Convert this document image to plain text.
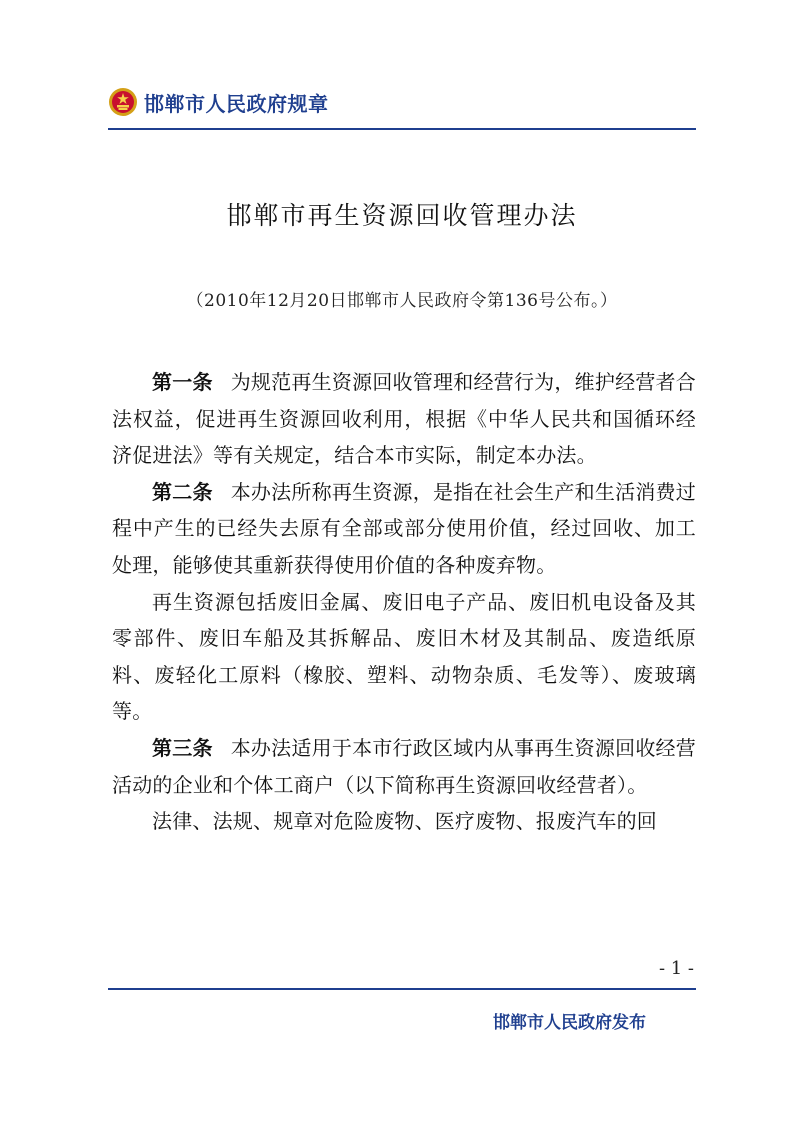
邯郸市人民政府规章
邯郸市再生资源回收管理办法
（2010年12月20日邯郸市人民政府令第136号公布。）

第一条 为规范再生资源回收管理和经营行为，维护经营者合法权益，促进再生资源回收利用，根据《中华人民共和国循环经济促进法》等有关规定，结合本市实际，制定本办法。

第二条 本办法所称再生资源，是指在社会生产和生活消费过程中产生的已经失去原有全部或部分使用价值，经过回收、加工处理，能够使其重新获得使用价值的各种废弃物。

再生资源包括废旧金属、废旧电子产品、废旧机电设备及其零部件、废旧车船及其拆解品、废旧木材及其制品、废造纸原料、废轻化工原料（橡胶、塑料、动物杂质、毛发等）、废玻璃等。

第三条 本办法适用于本市行政区域内从事再生资源回收经营活动的企业和个体工商户（以下简称再生资源回收经营者）。

法律、法规、规章对危险废物、医疗废物、报废汽车的回

- 1 -
邯郸市人民政府发布
